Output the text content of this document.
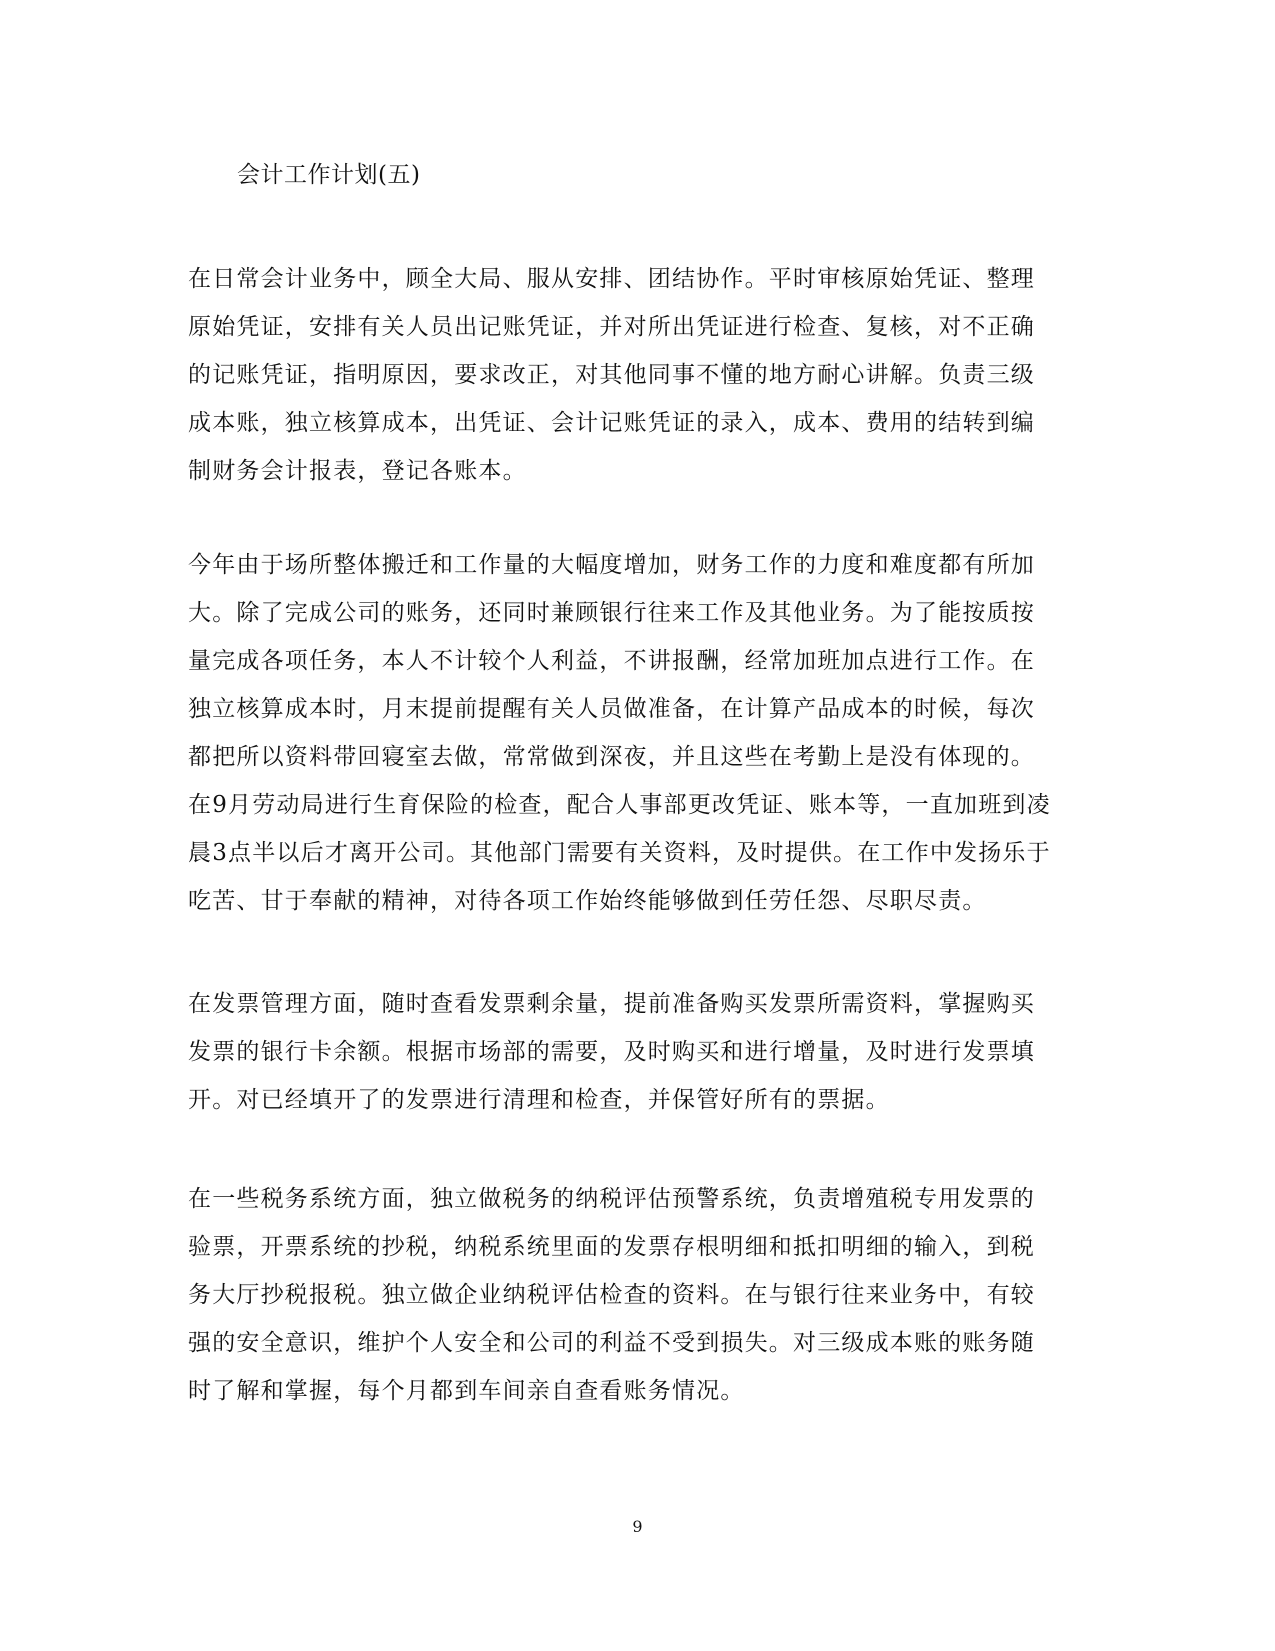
会计工作计划(五)
在日常会计业务中，顾全大局、服从安排、团结协作。平时审核原始凭证、整理
原始凭证，安排有关人员出记账凭证，并对所出凭证进行检查、复核，对不正确
的记账凭证，指明原因，要求改正，对其他同事不懂的地方耐心讲解。负责三级
成本账，独立核算成本，出凭证、会计记账凭证的录入，成本、费用的结转到编
制财务会计报表，登记各账本。
今年由于场所整体搬迁和工作量的大幅度增加，财务工作的力度和难度都有所加
大。除了完成公司的账务，还同时兼顾银行往来工作及其他业务。为了能按质按
量完成各项任务，本人不计较个人利益，不讲报酬，经常加班加点进行工作。在
独立核算成本时，月末提前提醒有关人员做准备，在计算产品成本的时候，每次
都把所以资料带回寝室去做，常常做到深夜，并且这些在考勤上是没有体现的。
在9月劳动局进行生育保险的检查，配合人事部更改凭证、账本等，一直加班到凌
晨3点半以后才离开公司。其他部门需要有关资料，及时提供。在工作中发扬乐于
吃苦、甘于奉献的精神，对待各项工作始终能够做到任劳任怨、尽职尽责。
在发票管理方面，随时查看发票剩余量，提前准备购买发票所需资料，掌握购买
发票的银行卡余额。根据市场部的需要，及时购买和进行增量，及时进行发票填
开。对已经填开了的发票进行清理和检查，并保管好所有的票据。
在一些税务系统方面，独立做税务的纳税评估预警系统，负责增殖税专用发票的
验票，开票系统的抄税，纳税系统里面的发票存根明细和抵扣明细的输入，到税
务大厅抄税报税。独立做企业纳税评估检查的资料。在与银行往来业务中，有较
强的安全意识，维护个人安全和公司的利益不受到损失。对三级成本账的账务随
时了解和掌握，每个月都到车间亲自查看账务情况。
9
